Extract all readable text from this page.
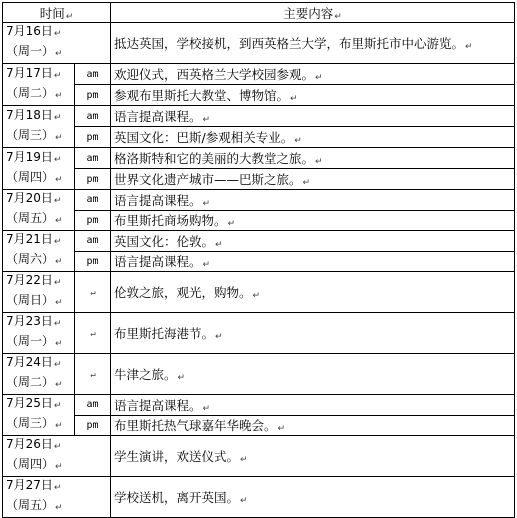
时间↵		主要内容↵
7月16日↵
（周一）↵		抵达英国，学校接机，到西英格兰大学，布里斯托市中心游览。↵
7月17日↵
（周二）↵	am	欢迎仪式，西英格兰大学校园参观。↵
	pm	参观布里斯托大教堂、博物馆。↵
7月18日↵
（周三）↵	am	语言提高课程。↵
	pm	英国文化：巴斯/参观相关专业。↵
7月19日↵
（周四）↵	am	格洛斯特和它的美丽的大教堂之旅。↵
	pm	世界文化遗产城市——巴斯之旅。↵
7月20日↵
（周五）↵	am	语言提高课程。↵
	pm	布里斯托商场购物。↵
7月21日↵
（周六）↵	am	英国文化：伦敦。↵
	pm	语言提高课程。↵
7月22日↵
（周日）↵	↵	伦敦之旅，观光，购物。↵
7月23日↵
（周一）↵	↵	布里斯托海港节。↵
7月24日↵
（周二）↵	↵	牛津之旅。↵
7月25日↵
（周三）↵	am	语言提高课程。↵
	pm	布里斯托热气球嘉年华晚会。↵
7月26日↵
（周四）↵		学生演讲，欢送仪式。↵
7月27日↵
（周五）↵		学校送机，离开英国。↵
